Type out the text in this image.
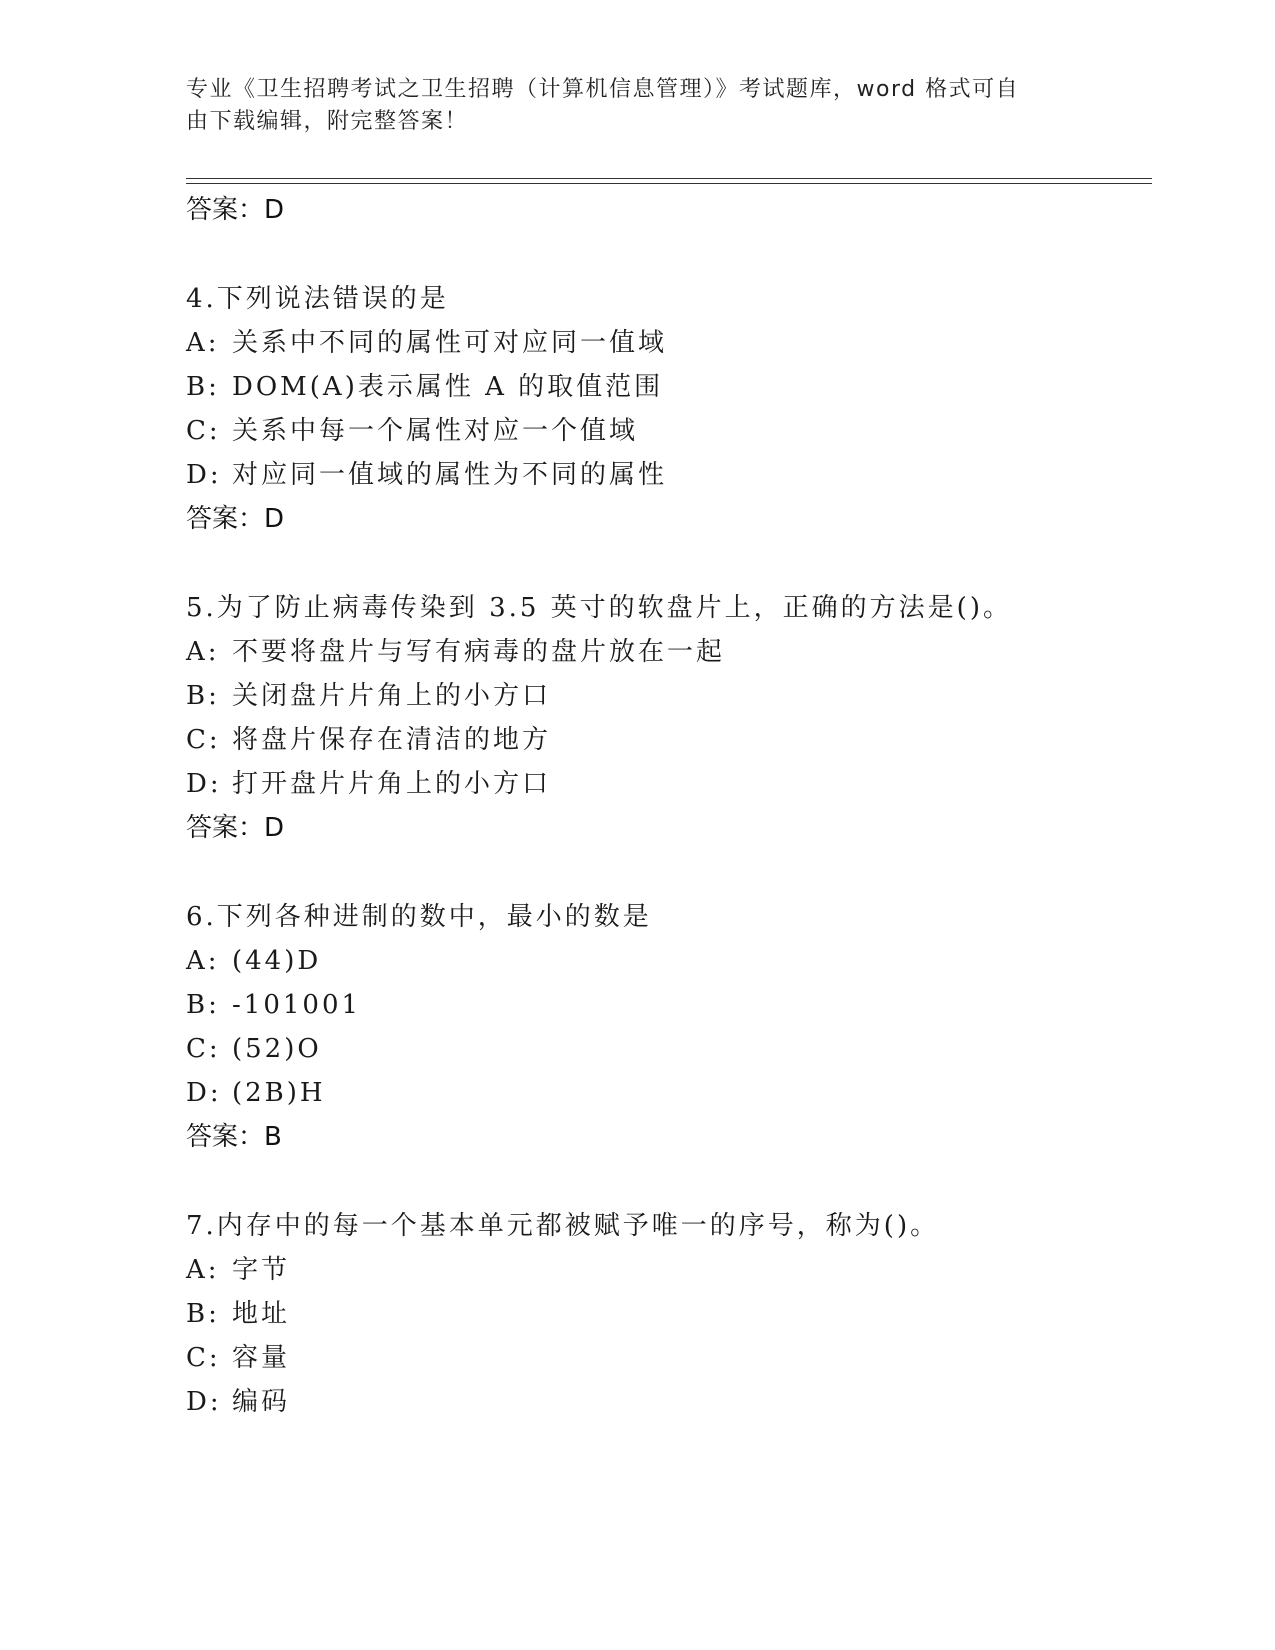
专业《卫生招聘考试之卫生招聘（计算机信息管理）》考试题库，word 格式可自
由下载编辑，附完整答案！
答案：D
4.下列说法错误的是
A: 关系中不同的属性可对应同一值域
B: DOM(A)表示属性 A 的取值范围
C: 关系中每一个属性对应一个值域
D: 对应同一值域的属性为不同的属性
答案：D
5.为了防止病毒传染到 3.5 英寸的软盘片上，正确的方法是()。
A: 不要将盘片与写有病毒的盘片放在一起
B: 关闭盘片片角上的小方口
C: 将盘片保存在清洁的地方
D: 打开盘片片角上的小方口
答案：D
6.下列各种进制的数中，最小的数是
A: (44)D
B: -101001
C: (52)O
D: (2B)H
答案：B
7.内存中的每一个基本单元都被赋予唯一的序号，称为()。
A: 字节
B: 地址
C: 容量
D: 编码
